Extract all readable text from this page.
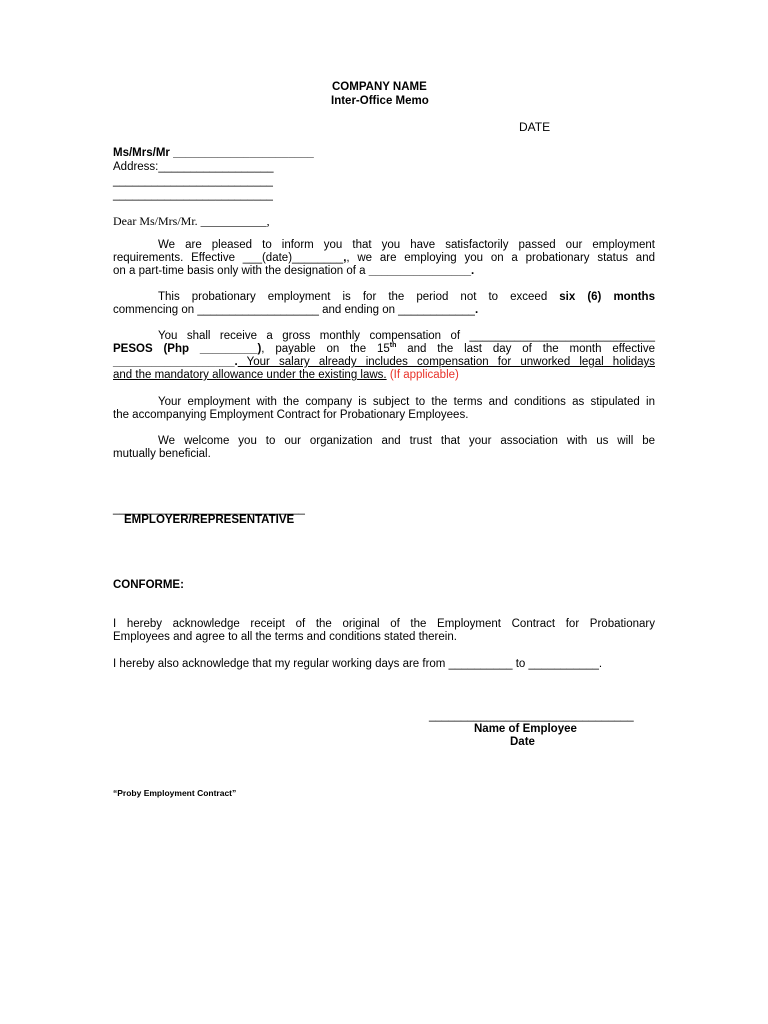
COMPANY NAME
Inter-Office Memo
DATE
Ms/Mrs/Mr ______________________
Address:__________________
_________________________
_________________________
Dear Ms/Mrs/Mr. ___________,
We are pleased to inform you that you have satisfactorily passed our employment
requirements. Effective ___(date)________,, we are employing you on a probationary status and
on a part-time basis only with the designation of a ________________.
This probationary employment is for the period not to exceed six (6) months
commencing on ___________________ and ending on ____________.
You shall receive a gross monthly compensation of _____________________________
PESOS (Php _________), payable on the 15th and the last day of the month effective
___________________. Your salary already includes compensation for unworked legal holidays
and the mandatory allowance under the existing laws. (If applicable)
Your employment with the company is subject to the terms and conditions as stipulated in
the accompanying Employment Contract for Probationary Employees.
We welcome you to our organization and trust that your association with us will be
mutually beneficial.
______________________________
EMPLOYER/REPRESENTATIVE
CONFORME:
I hereby acknowledge receipt of the original of the Employment Contract for Probationary
Employees and agree to all the terms and conditions stated therein.
I hereby also acknowledge that my regular working days are from __________ to ___________.
________________________________
Name of Employee
Date
“Proby Employment Contract”
